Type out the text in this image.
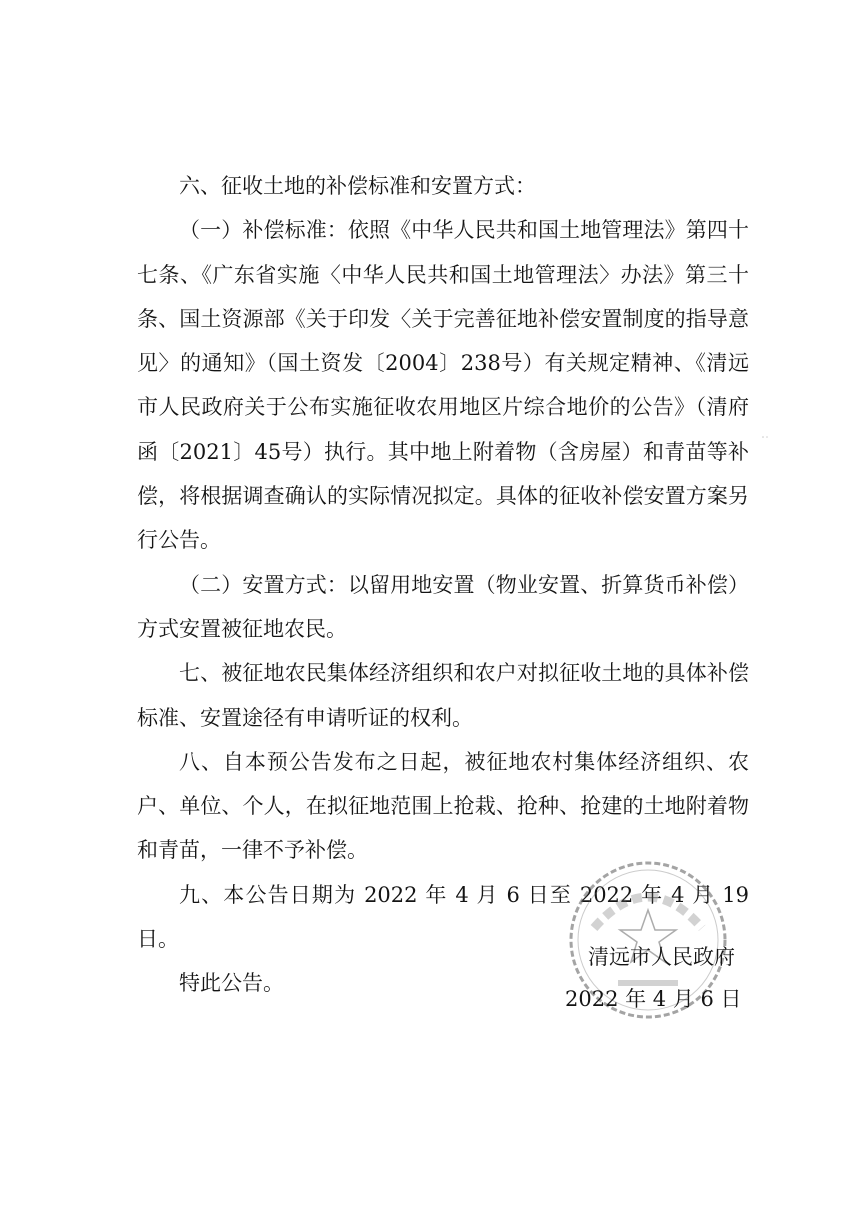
六、征收土地的补偿标准和安置方式：

（一）补偿标准：依照《中华人民共和国土地管理法》第四十七条、《广东省实施〈中华人民共和国土地管理法〉办法》第三十条、国土资源部《关于印发〈关于完善征地补偿安置制度的指导意见〉的通知》（国土资发〔2004〕238号）有关规定精神、《清远市人民政府关于公布实施征收农用地区片综合地价的公告》（清府函〔2021〕45号）执行。其中地上附着物（含房屋）和青苗等补偿，将根据调查确认的实际情况拟定。具体的征收补偿安置方案另行公告。

（二）安置方式：以留用地安置（物业安置、折算货币补偿）方式安置被征地农民。

七、被征地农民集体经济组织和农户对拟征收土地的具体补偿标准、安置途径有申请听证的权利。

八、自本预公告发布之日起，被征地农村集体经济组织、农户、单位、个人，在拟征地范围上抢栽、抢种、抢建的土地附着物和青苗，一律不予补偿。

九、本公告日期为 2022 年 4 月 6 日至 2022 年 4 月 19 日。

特此公告。

清远市人民政府
2022 年 4 月 6 日
